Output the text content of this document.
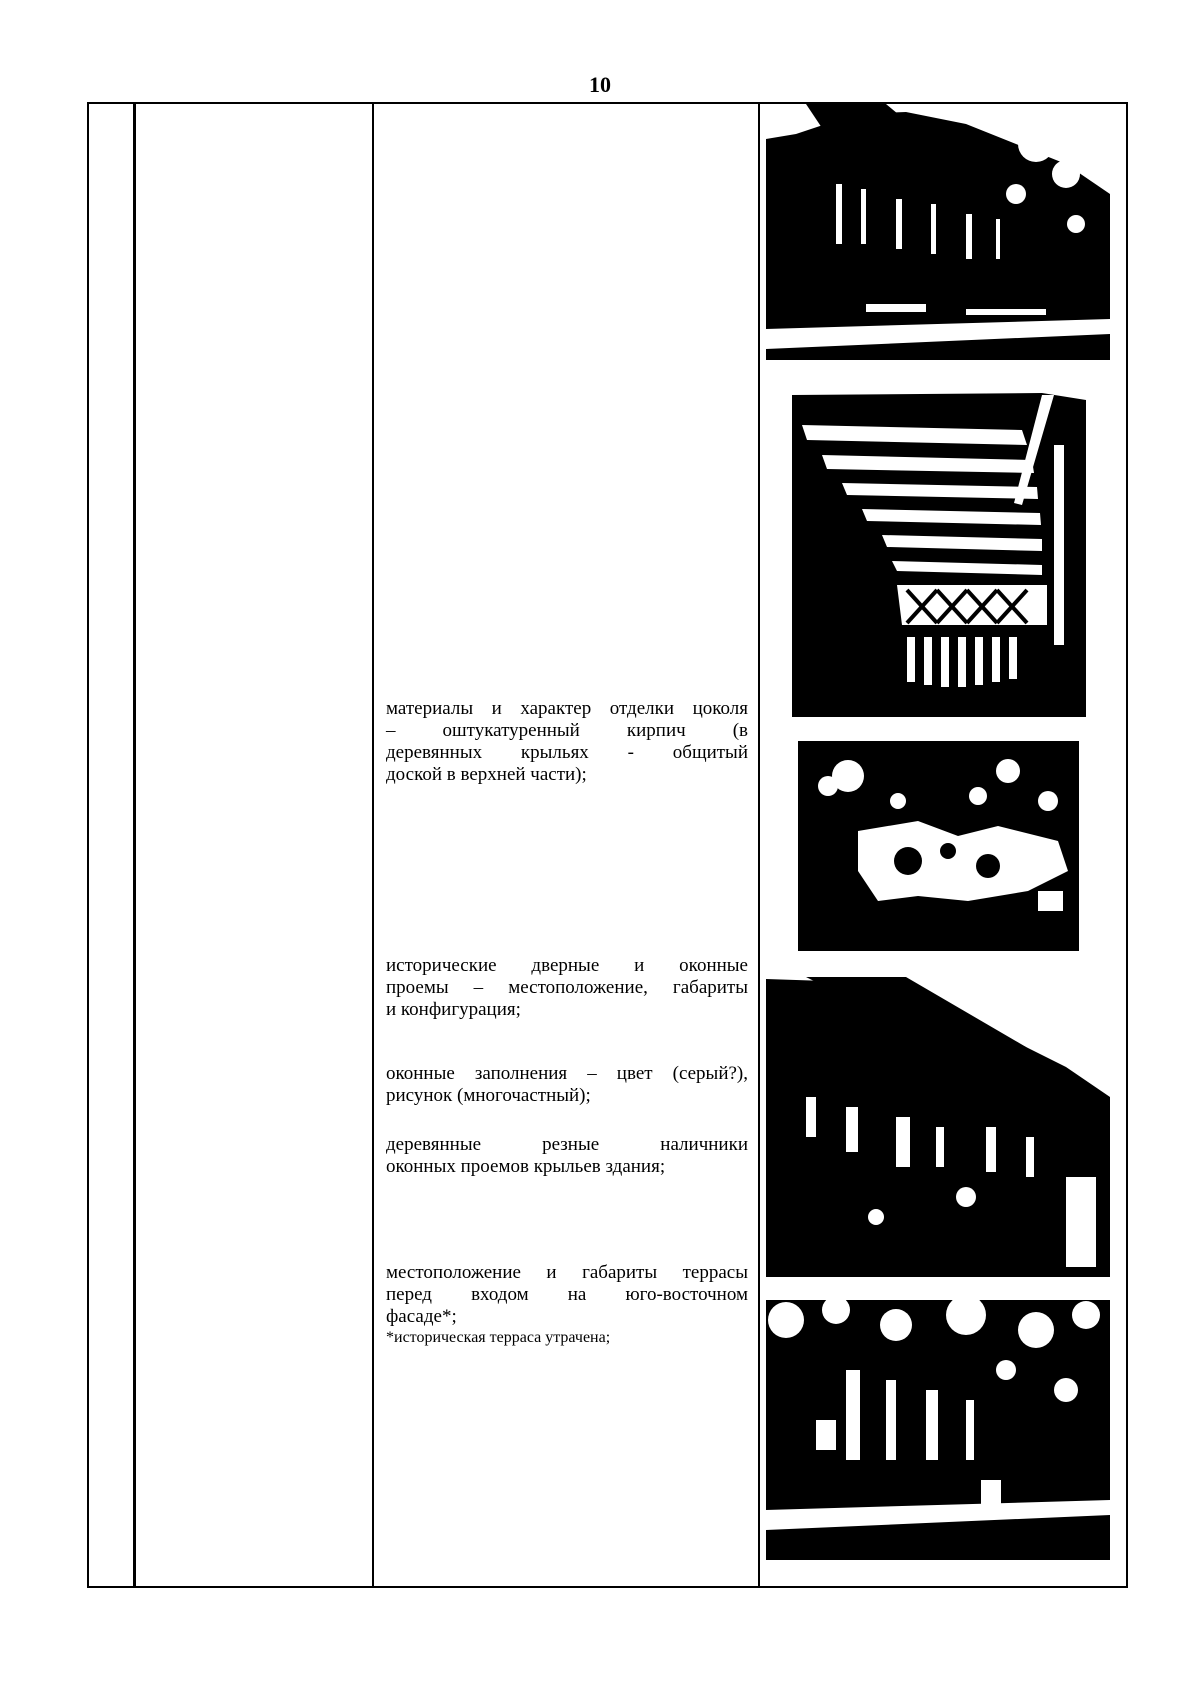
10
материалы и характер отделки цоколя
– оштукатуренный кирпич (в
деревянных крыльях - общитый
доской в верхней части);
исторические дверные и оконные
проемы – местоположение, габариты
и конфигурация;
оконные заполнения – цвет (серый?),
рисунок (многочастный);
деревянные резные наличники
оконных проемов крыльев здания;
местоположение и габариты террасы
перед входом на юго-восточном
фасаде*;
*историческая терраса утрачена;
